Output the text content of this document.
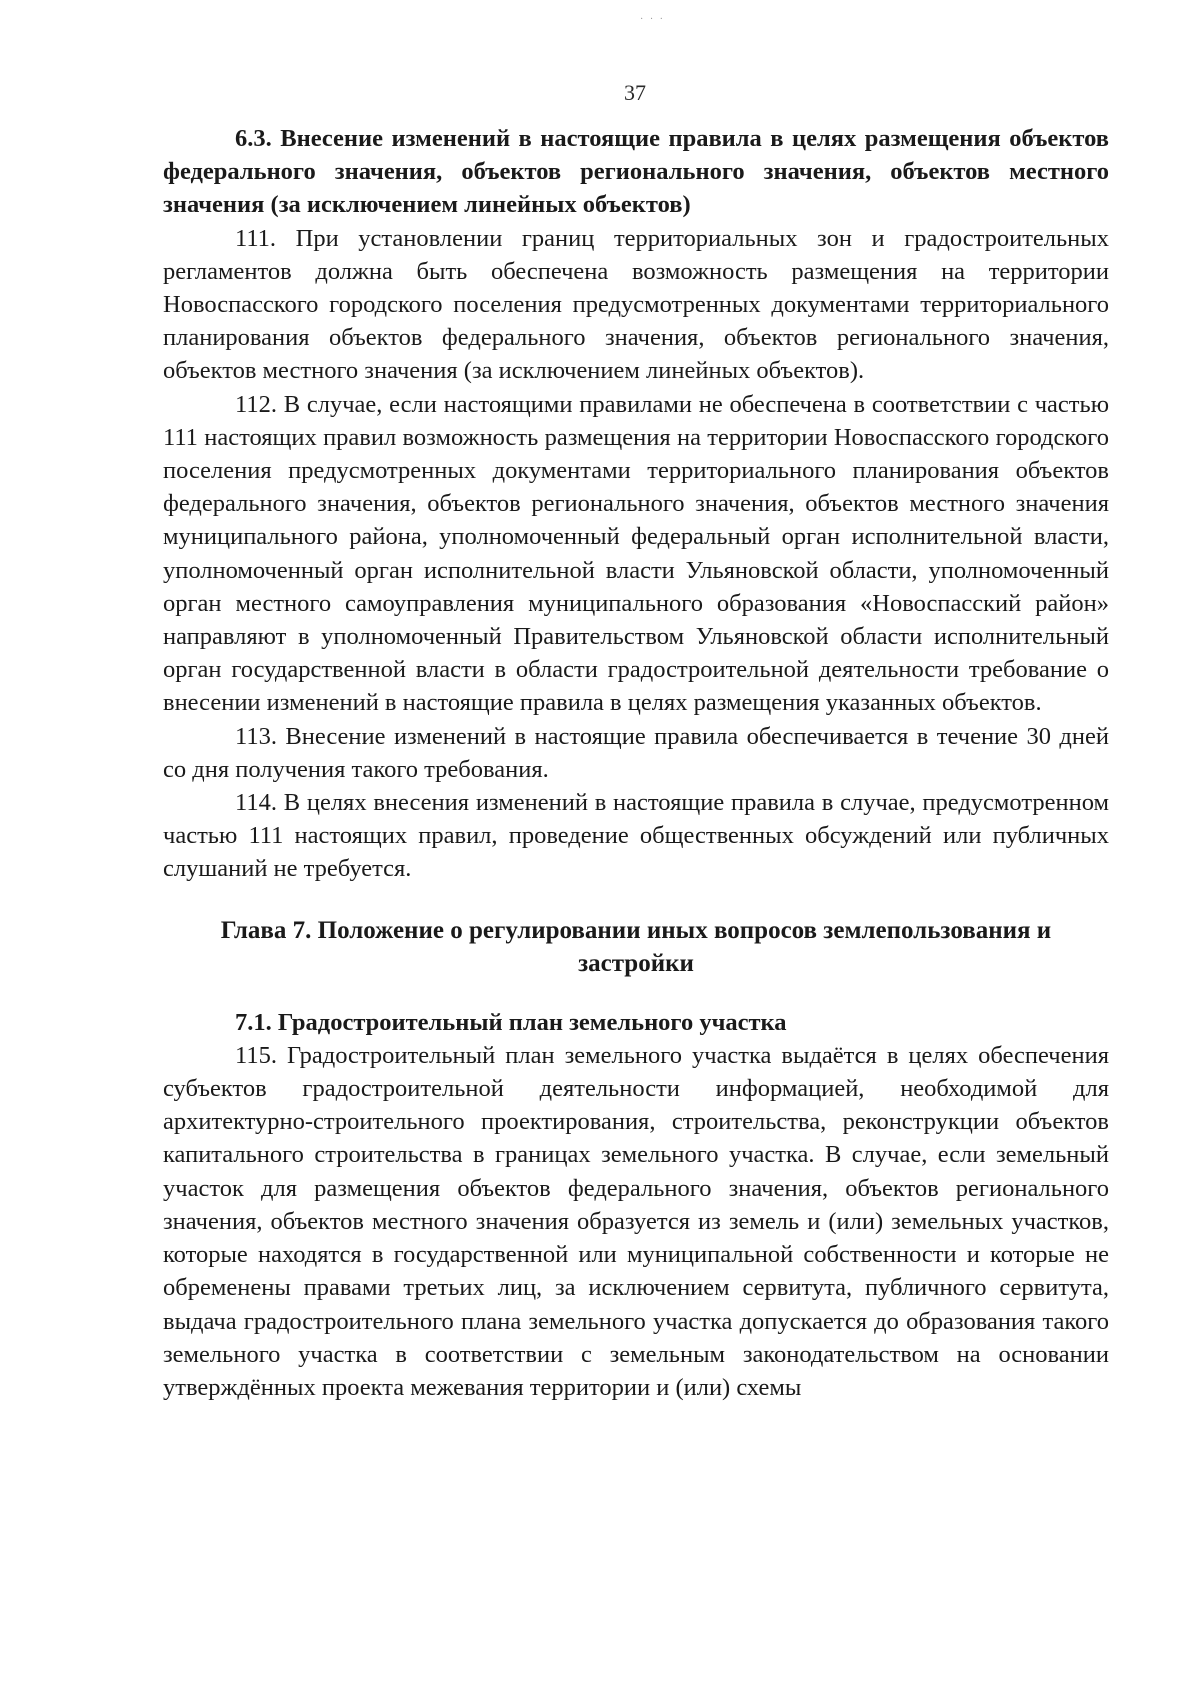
· · ·
37
6.3. Внесение изменений в настоящие правила в целях размещения объектов федерального значения, объектов регионального значения, объектов местного значения (за исключением линейных объектов)

111. При установлении границ территориальных зон и градостроительных регламентов должна быть обеспечена возможность размещения на территории Новоспасского городского поселения предусмотренных документами территориального планирования объектов федерального значения, объектов регионального значения, объектов местного значения (за исключением линейных объектов).

112. В случае, если настоящими правилами не обеспечена в соответствии с частью 111 настоящих правил возможность размещения на территории Новоспасского городского поселения предусмотренных документами территориального планирования объектов федерального значения, объектов регионального значения, объектов местного значения муниципального района, уполномоченный федеральный орган исполнительной власти, уполномоченный орган исполнительной власти Ульяновской области, уполномоченный орган местного самоуправления муниципального образования «Новоспасский район» направляют в уполномоченный Правительством Ульяновской области исполнительный орган государственной власти в области градостроительной деятельности требование о внесении изменений в настоящие правила в целях размещения указанных объектов.

113. Внесение изменений в настоящие правила обеспечивается в течение 30 дней со дня получения такого требования.

114. В целях внесения изменений в настоящие правила в случае, предусмотренном частью 111 настоящих правил, проведение общественных обсуждений или публичных слушаний не требуется.

Глава 7. Положение о регулировании иных вопросов землепользования и застройки
7.1. Градостроительный план земельного участка

115. Градостроительный план земельного участка выдаётся в целях обеспечения субъектов градостроительной деятельности информацией, необходимой для архитектурно-строительного проектирования, строительства, реконструкции объектов капитального строительства в границах земельного участка. В случае, если земельный участок для размещения объектов федерального значения, объектов регионального значения, объектов местного значения образуется из земель и (или) земельных участков, которые находятся в государственной или муниципальной собственности и которые не обременены правами третьих лиц, за исключением сервитута, публичного сервитута, выдача градостроительного плана земельного участка допускается до образования такого земельного участка в соответствии с земельным законодательством на основании утверждённых проекта межевания территории и (или) схемы
